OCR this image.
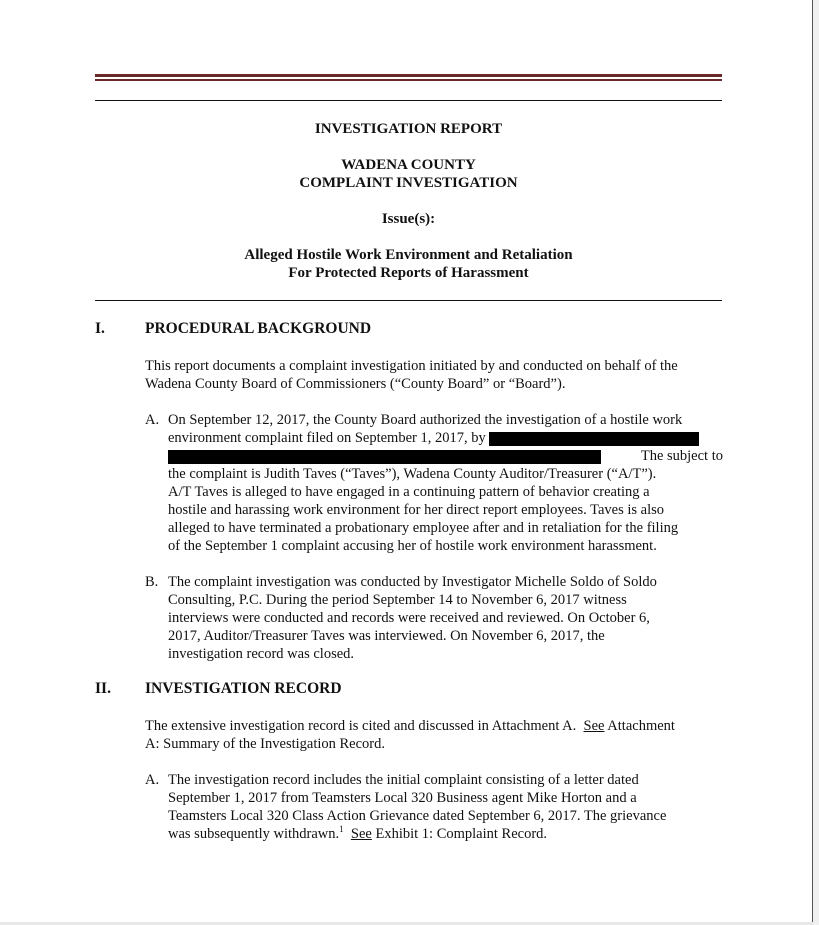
INVESTIGATION REPORT
WADENA COUNTY
COMPLAINT INVESTIGATION
Issue(s):
Alleged Hostile Work Environment and Retaliation
For Protected Reports of Harassment
I.	PROCEDURAL BACKGROUND
This report documents a complaint investigation initiated by and conducted on behalf of the
Wadena County Board of Commissioners (“County Board” or “Board”).
A. On September 12, 2017, the County Board authorized the investigation of a hostile work
environment complaint filed on September 1, 2017, by
The subject to
the complaint is Judith Taves (“Taves”), Wadena County Auditor/Treasurer (“A/T”).
A/T Taves is alleged to have engaged in a continuing pattern of behavior creating a
hostile and harassing work environment for her direct report employees. Taves is also
alleged to have terminated a probationary employee after and in retaliation for the filing
of the September 1 complaint accusing her of hostile work environment harassment.
B. The complaint investigation was conducted by Investigator Michelle Soldo of Soldo
Consulting, P.C. During the period September 14 to November 6, 2017 witness
interviews were conducted and records were received and reviewed. On October 6,
2017, Auditor/Treasurer Taves was interviewed. On November 6, 2017, the
investigation record was closed.
II. INVESTIGATION RECORD
The extensive investigation record is cited and discussed in Attachment A.  See Attachment
A: Summary of the Investigation Record.
A. The investigation record includes the initial complaint consisting of a letter dated
September 1, 2017 from Teamsters Local 320 Business agent Mike Horton and a
Teamsters Local 320 Class Action Grievance dated September 6, 2017. The grievance
was subsequently withdrawn.$^1$ See Exhibit 1: Complaint Record.
